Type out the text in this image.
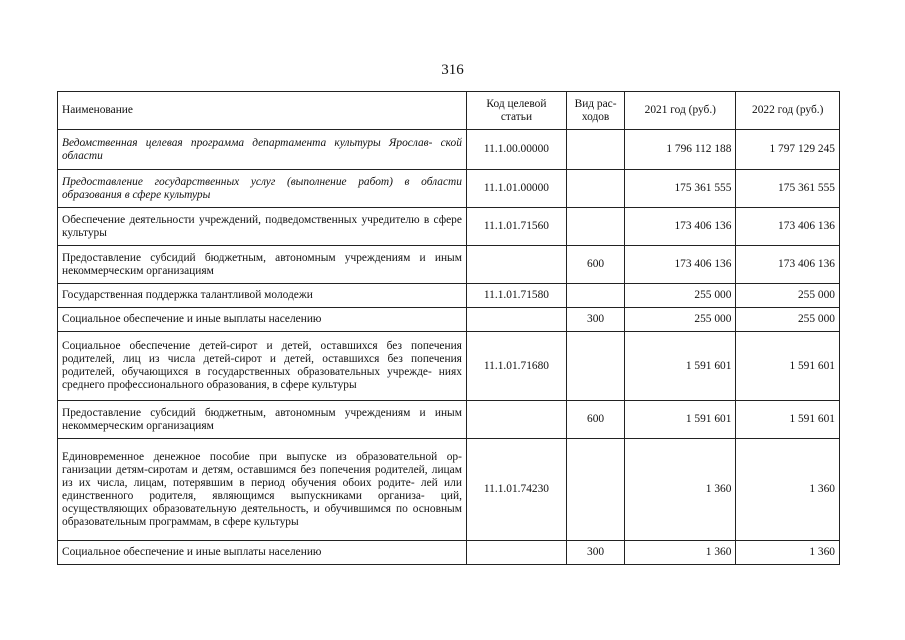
316
Наименование	Код целевой статьи	Вид рас- ходов	2021 год (руб.)	2022 год (руб.)
Ведомственная целевая программа департамента культуры Ярослав- ской области	11.1.00.00000		1 796 112 188	1 797 129 245
Предоставление государственных услуг (выполнение работ) в области образования в сфере культуры	11.1.01.00000		175 361 555	175 361 555
Обеспечение деятельности учреждений, подведомственных учредителю в сфере культуры	11.1.01.71560		173 406 136	173 406 136
Предоставление субсидий бюджетным, автономным учреждениям и иным некоммерческим организациям		600	173 406 136	173 406 136
Государственная поддержка талантливой молодежи	11.1.01.71580		255 000	255 000
Социальное обеспечение и иные выплаты населению		300	255 000	255 000
Социальное обеспечение детей-сирот и детей, оставшихся без попечения родителей, лиц из числа детей-сирот и детей, оставшихся без попечения родителей, обучающихся в государственных образовательных учрежде- ниях среднего профессионального образования, в сфере культуры	11.1.01.71680		1 591 601	1 591 601
Предоставление субсидий бюджетным, автономным учреждениям и иным некоммерческим организациям		600	1 591 601	1 591 601
Единовременное денежное пособие при выпуске из образовательной ор- ганизации детям-сиротам и детям, оставшимся без попечения родителей, лицам из их числа, лицам, потерявшим в период обучения обоих родите- лей или единственного родителя, являющимся выпускниками организа- ций, осуществляющих образовательную деятельность, и обучившимся по основным образовательным программам, в сфере культуры	11.1.01.74230		1 360	1 360
Социальное обеспечение и иные выплаты населению		300	1 360	1 360
